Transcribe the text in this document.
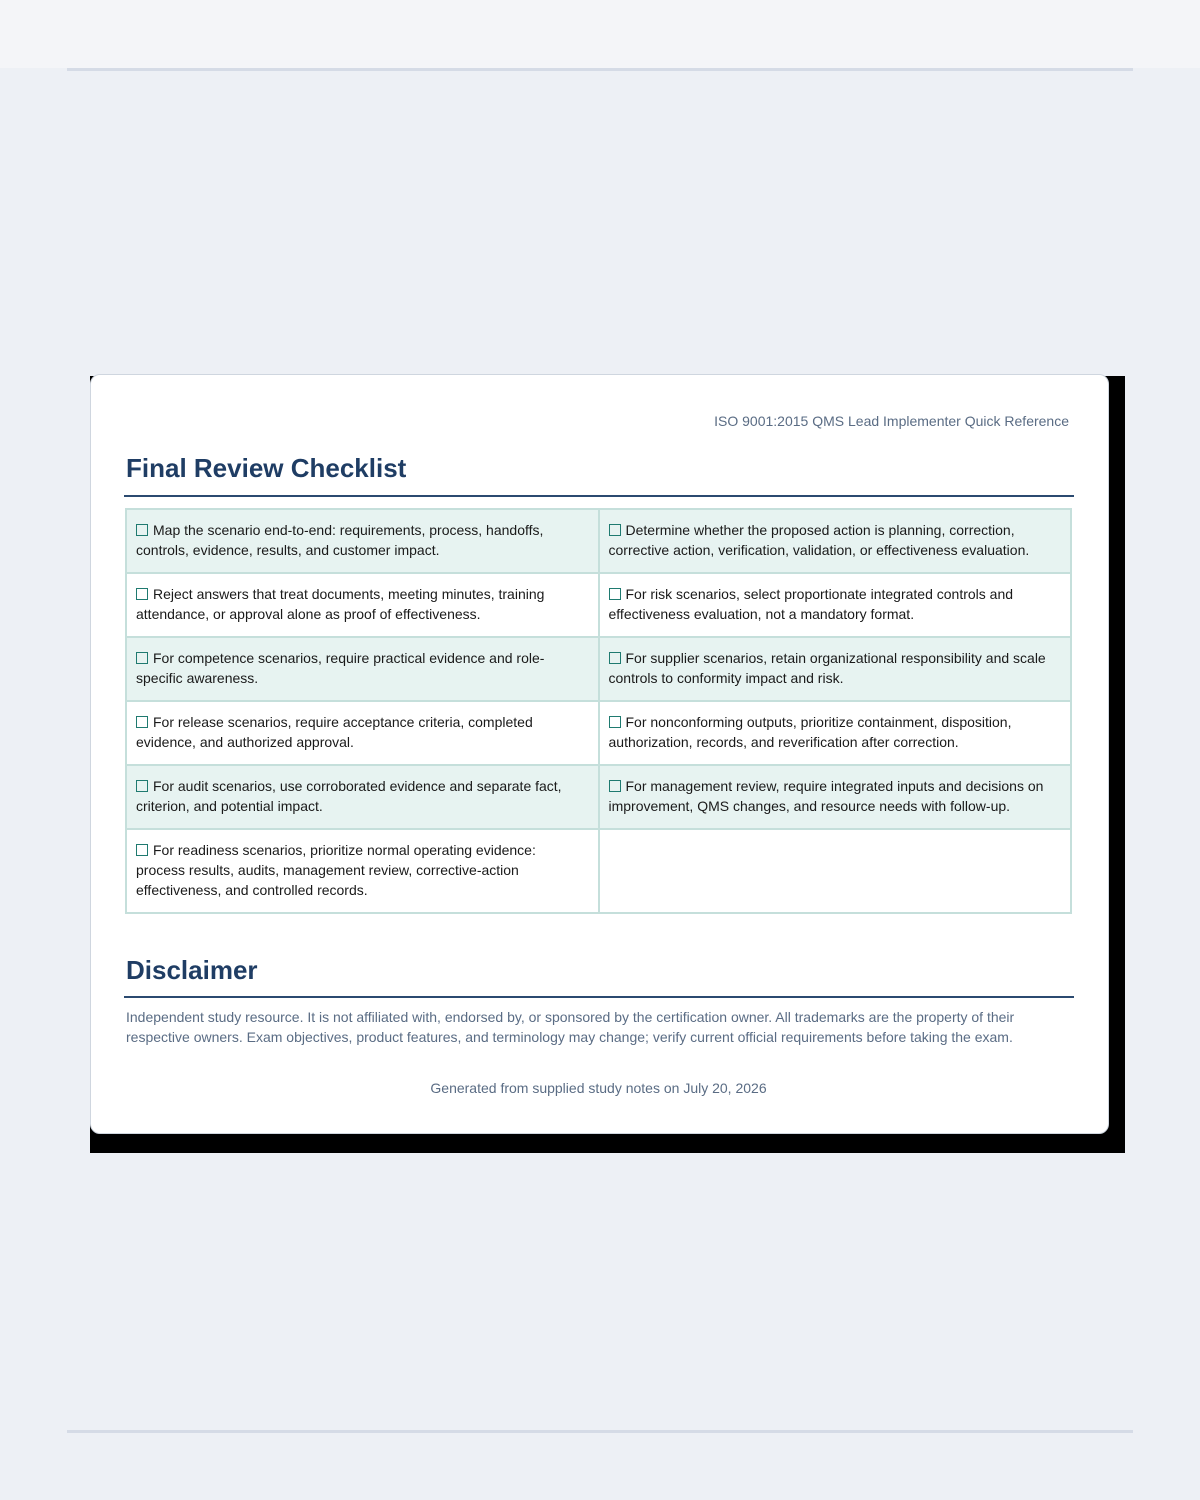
ISO 9001:2015 QMS Lead Implementer Quick Reference
Final Review Checklist
Map the scenario end-to-end: requirements, process, handoffs, controls, evidence, results, and customer impact.	Determine whether the proposed action is planning, correction, corrective action, verification, validation, or effectiveness evaluation.
Reject answers that treat documents, meeting minutes, training attendance, or approval alone as proof of effectiveness.	For risk scenarios, select proportionate integrated controls and effectiveness evaluation, not a mandatory format.
For competence scenarios, require practical evidence and role-specific awareness.	For supplier scenarios, retain organizational responsibility and scale controls to conformity impact and risk.
For release scenarios, require acceptance criteria, completed evidence, and authorized approval.	For nonconforming outputs, prioritize containment, disposition, authorization, records, and reverification after correction.
For audit scenarios, use corroborated evidence and separate fact, criterion, and potential impact.	For management review, require integrated inputs and decisions on improvement, QMS changes, and resource needs with follow-up.
For readiness scenarios, prioritize normal operating evidence: process results, audits, management review, corrective-action effectiveness, and controlled records.	
Disclaimer

Independent study resource. It is not affiliated with, endorsed by, or sponsored by the certification owner. All trademarks are the property of their respective owners. Exam objectives, product features, and terminology may change; verify current official requirements before taking the exam.

Generated from supplied study notes on July 20, 2026
